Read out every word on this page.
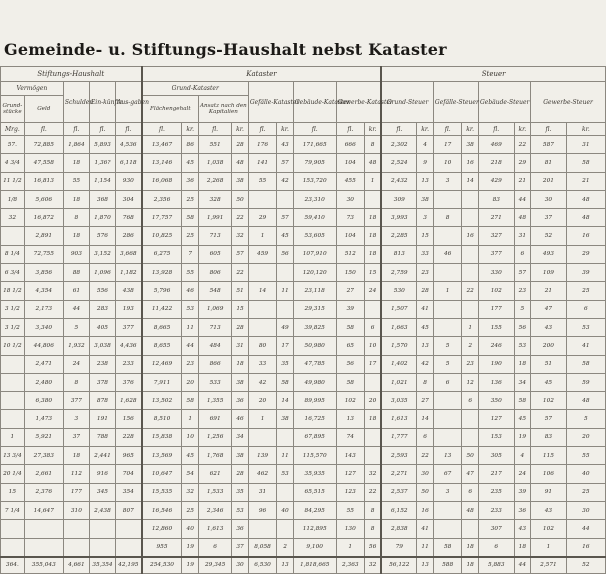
Gemeinde- u. Stiftungs-Haushalt nebst Kataster
Stiftungs-Haushalt					Kataster									Steuer							
Vermögen		Schulden	Ein-künfte	Aus-gaben	Grund-Kataster				Gefälle-Kataster		Gebäude-Kataster	Gewerbe-Kataster		Grund-Steuer		Gefälle-Steuer		Gebäude-Steuer		Gewerbe-Steuer	
Grund-stücke	Geld				Flächengehalt		Ansatz nach den Kapitalien														
Mrg.	fl.	fl.	fl.	fl.	fl.	kr.	fl.	kr.	fl.	kr.	fl.	fl.	kr.	fl.	kr.	fl.	kr.	fl.	kr.	fl.	kr.
57.	72,885	1,864	5,893	4,536	13,467	86	551	28	176	43	171,665	666	8	2,302	4	17	38	469	22	587	31
4 3/4	47,558	18	1,36?	6,118	13,146	45	1,038	48	141	57	79,905	104	48	2,524	9	10	16	218	29	81	58
11 1/2	16,813	55	1,154	930	16,068	36	2,268	38	55	42	153,720	455	1	2,432	13	3	14	429	21	201	21
1/8	5,606	18	368	304	2,356	25	328	50			23,310	30		309	38			83	44	30	48
32	16,872	8	1,870	768	17,757	58	1,991	22	29	57	59,410	73	18	3,993	3	8		271	48	37	48
	2,891	18	576	286	10,825	25	713	32	1	45	53,605	104	18	2,285	15		16	327	31	52	16
8 1/4	72,755	903	3,152	3,668	6,275	7	605	57	459	56	107,910	512	18	813	33	46		377	6	493	29
6 3/4	3,856	88	1,096	1,182	13,928	55	806	22			120,120	150	15	2,759	23			330	57	109	39
18 1/2	4,354	61	556	438	5,796	46	548	51	14	11	23,118	27	24	530	28	1	22	102	23	21	25
3 1/2	2,173	44	283	193	11,422	53	1,069	15			29,315	39		1,507	41			177	5	47	6
3 1/2	3,340	5	405	377	8,665	11	713	28		49	39,825	58	6	1,663	45		1	155	56	43	53
10 1/2	44,806	1,932	3,038	4,436	8,655	44	484	31	80	17	50,980	65	10	1,570	13	5	2	246	53	200	41
	2,471	24	238	233	12,469	23	866	18	33	35	47,785	56	17	1,402	42	5	23	190	18	51	58
	2,480	8	378	376	7,911	20	533	38	42	58	49,980	58		1,021	8	6	12	136	34	45	59
	6,380	377	878	1,628	13,502	58	1,355	36	20	14	89,995	102	20	3,035	27		6	350	58	102	48
	1,473	3	191	156	8,510	1	691	46	1	38	16,725	13	18	1,613	14			127	45	57	5
1	5,921	37	788	228	15,838	10	1,256	34			67,895	74		1,777	6			153	19	83	20
13 3/4	27,383	18	2,441	965	13,569	45	1,768	38	139	11	115,570	143		2,593	22	13	50	305	4	115	55
20 1/4	2,661	112	916	704	10,647	54	621	28	462	53	35,935	127	32	2,271	30	67	47	217	24	106	40
15	2,376	177	345	354	15,535	32	1,533	35	31		65,515	123	22	2,537	50	3	6	235	39	91	25
7 1/4	14,647	310	2,438	807	16,546	25	2,346	53	96	40	84,295	55	8	6,152	16		48	233	36	43	30
					12,860	40	1,613	36			112,895	130	8	2,838	41			307	43	102	44
					955	19	6	37	8,058	2	9,100	1	56	79	11	58	18	6	18	1	16
364.	355,043	4,661	35,354	42,195	254,530	19	29,345	30	6,530	13	1,818,665	2,363	32	56,122	13	588	18	5,883	44	2,571	52
